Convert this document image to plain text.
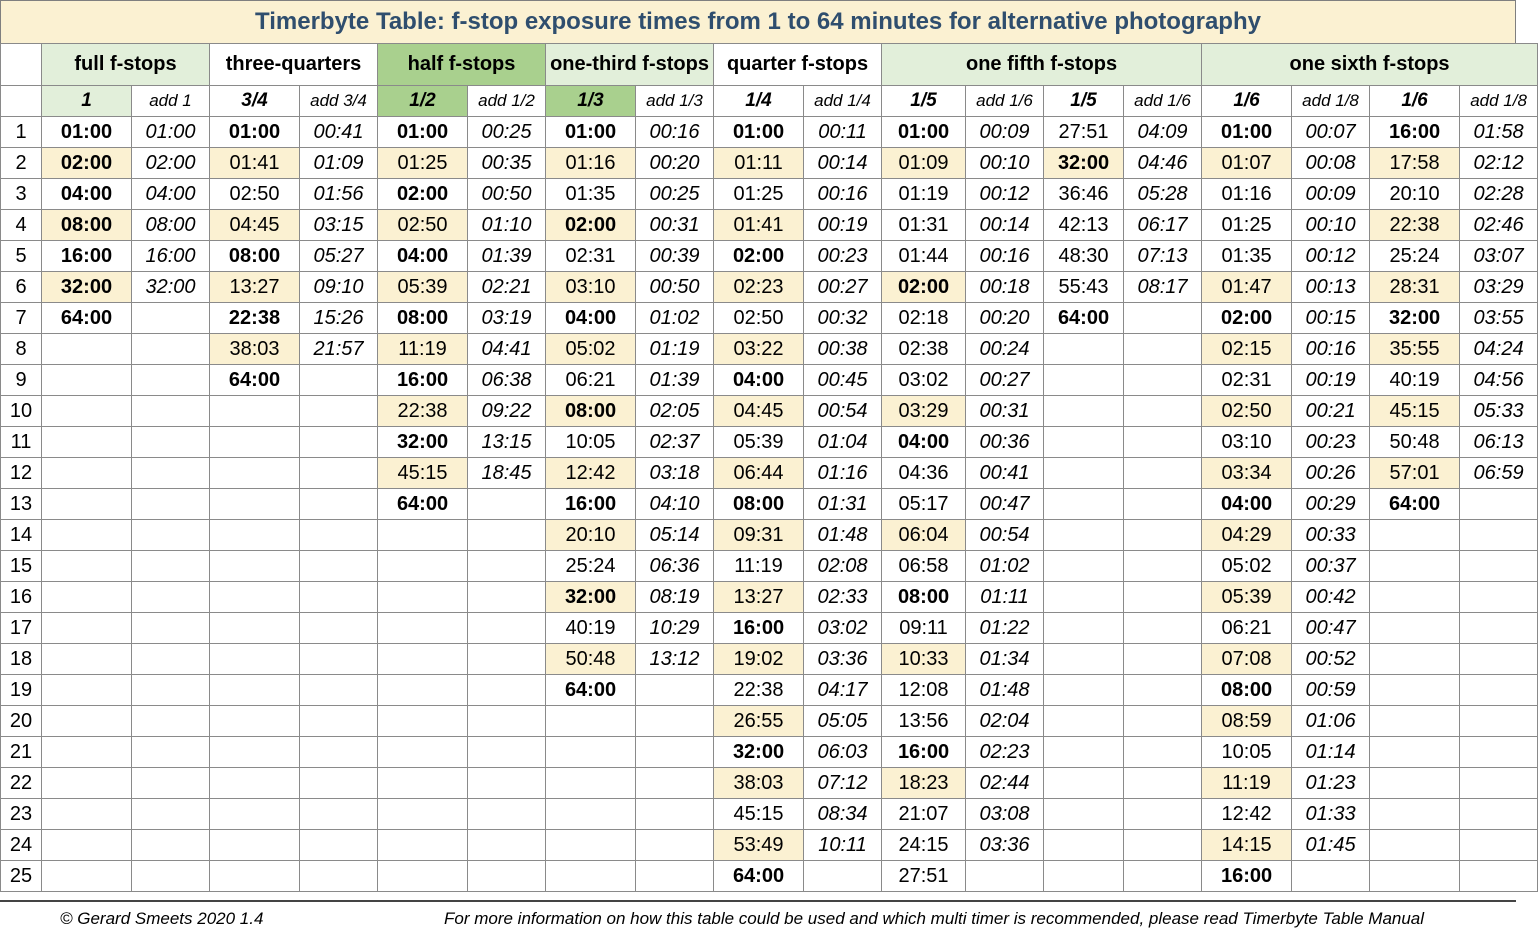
Timerbyte Table: f-stop exposure times from 1 to 64 minutes for alternative photography
	full f-stops		three-quarters		half f-stops		one-third f-stops		quarter f-stops		one fifth f-stops				one sixth f-stops			
	1	add 1	3/4	add 3/4	1/2	add 1/2	1/3	add 1/3	1/4	add 1/4	1/5	add 1/6	1/5	add 1/6	1/6	add 1/8	1/6	add 1/8
1	01:00	01:00	01:00	00:41	01:00	00:25	01:00	00:16	01:00	00:11	01:00	00:09	27:51	04:09	01:00	00:07	16:00	01:58
2	02:00	02:00	01:41	01:09	01:25	00:35	01:16	00:20	01:11	00:14	01:09	00:10	32:00	04:46	01:07	00:08	17:58	02:12
3	04:00	04:00	02:50	01:56	02:00	00:50	01:35	00:25	01:25	00:16	01:19	00:12	36:46	05:28	01:16	00:09	20:10	02:28
4	08:00	08:00	04:45	03:15	02:50	01:10	02:00	00:31	01:41	00:19	01:31	00:14	42:13	06:17	01:25	00:10	22:38	02:46
5	16:00	16:00	08:00	05:27	04:00	01:39	02:31	00:39	02:00	00:23	01:44	00:16	48:30	07:13	01:35	00:12	25:24	03:07
6	32:00	32:00	13:27	09:10	05:39	02:21	03:10	00:50	02:23	00:27	02:00	00:18	55:43	08:17	01:47	00:13	28:31	03:29
7	64:00		22:38	15:26	08:00	03:19	04:00	01:02	02:50	00:32	02:18	00:20	64:00		02:00	00:15	32:00	03:55
8			38:03	21:57	11:19	04:41	05:02	01:19	03:22	00:38	02:38	00:24			02:15	00:16	35:55	04:24
9			64:00		16:00	06:38	06:21	01:39	04:00	00:45	03:02	00:27			02:31	00:19	40:19	04:56
10					22:38	09:22	08:00	02:05	04:45	00:54	03:29	00:31			02:50	00:21	45:15	05:33
11					32:00	13:15	10:05	02:37	05:39	01:04	04:00	00:36			03:10	00:23	50:48	06:13
12					45:15	18:45	12:42	03:18	06:44	01:16	04:36	00:41			03:34	00:26	57:01	06:59
13					64:00		16:00	04:10	08:00	01:31	05:17	00:47			04:00	00:29	64:00	
14							20:10	05:14	09:31	01:48	06:04	00:54			04:29	00:33		
15							25:24	06:36	11:19	02:08	06:58	01:02			05:02	00:37		
16							32:00	08:19	13:27	02:33	08:00	01:11			05:39	00:42		
17							40:19	10:29	16:00	03:02	09:11	01:22			06:21	00:47		
18							50:48	13:12	19:02	03:36	10:33	01:34			07:08	00:52		
19							64:00		22:38	04:17	12:08	01:48			08:00	00:59		
20									26:55	05:05	13:56	02:04			08:59	01:06		
21									32:00	06:03	16:00	02:23			10:05	01:14		
22									38:03	07:12	18:23	02:44			11:19	01:23		
23									45:15	08:34	21:07	03:08			12:42	01:33		
24									53:49	10:11	24:15	03:36			14:15	01:45		
25									64:00		27:51				16:00			
© Gerard Smeets 2020 1.4	For more information on how this table could be used and which multi timer is recommended, please read Timerbyte Table Manual
